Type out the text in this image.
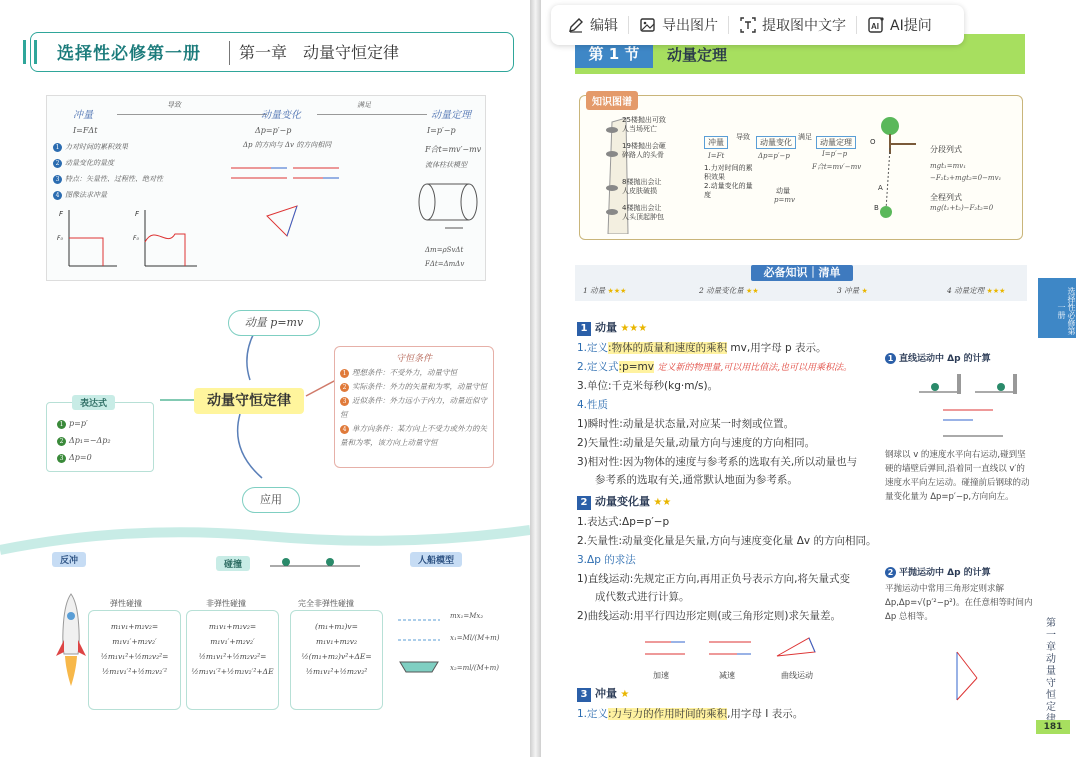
选择性必修第一册 第一章　动量守恒定律
冲量
I=FΔt
导致
动量变化
Δp=p′−p
Δp 的方向与 Δv 的方向相同
满足
动量定理
I=p′−p
F合t=mv′−mv
流体柱状模型
1 力对时间的累积效果
2 动量变化的量度
3 特点：矢量性、过程性、绝对性
4 图像法求冲量
F
F₀
F
F₀
Δm=ρSvΔt
FΔt=ΔmΔv
动量 p=mv
动量守恒定律
1 p=p′
2 Δp₁=−Δp₂
3 Δp=0
表达式
守恒条件
1 理想条件：不受外力，动量守恒
2 实际条件：外力的矢量和为零，动量守恒
3 近似条件：外力远小于内力，动量近似守恒
4 单方向条件：某方向上不受力或外力的矢量和为零，该方向上动量守恒
应用
反冲	碰撞	人船模型
弹性碰撞
m₁v₁+m₂v₂=
m₁v₁′+m₂v₂′
½m₁v₁²+½m₂v₂²=
½m₁v₁′²+½m₂v₂′²
非弹性碰撞
m₁v₁+m₂v₂=
m₁v₁′+m₂v₂′
½m₁v₁²+½m₂v₂²=
½m₁v₁′²+½m₂v₂′²+ΔE
完全非弹性碰撞
(m₁+m₂)v=
m₁v₁+m₂v₂
½(m₁+m₂)v²+ΔE=
½m₁v₁²+½m₂v₂²
mx₁=Mx₂
x₁=Ml/(M+m)
x₂=ml/(M+m)
第 1 节	动量定理
知识图谱
25楼抛出可致人当场死亡
19楼抛出会砸碎路人的头骨
8楼抛出会让人皮肤破损
4楼抛出会让人头顶起肿包
冲量
I=Ft
导致
动量变化
Δp=p′−p
满足
动量定理
I=p′−p
F合t=mv′−mv
1.力对时间的累积效果
2.动量变化的量度	动量
p=mv
O
A
B
分段列式
mgt₁=mv₁
−F₂t₂+mgt₂=0−mv₁
全程列式
mg(t₁+t₂)−F₂t₂=0
必备知识｜清单
1 动量 ★★★	2 动量变化量 ★★	3 冲量 ★	4 动量定理 ★★★
1 动量 ★★★
1.定义:物体的质量和速度的乘积 mv,用字母 p 表示。
2.定义式:p=mv 定义新的物理量,可以用比值法,也可以用乘积法。
3.单位:千克米每秒(kg·m/s)。
4.性质
1)瞬时性:动量是状态量,对应某一时刻或位置。
2)矢量性:动量是矢量,动量方向与速度的方向相同。
3)相对性:因为物体的速度与参考系的选取有关,所以动量也与
参考系的选取有关,通常默认地面为参考系。
2 动量变化量 ★★
1.表达式:Δp=p′−p
2.矢量性:动量变化量是矢量,方向与速度变化量 Δv 的方向相同。
3.Δp 的求法
1)直线运动:先规定正方向,再用正负号表示方向,将矢量式变
成代数式进行计算。
2)曲线运动:用平行四边形定则(或三角形定则)求矢量差。
加速	减速	曲线运动
3 冲量 ★
1.定义:力与力的作用时间的乘积,用字母 I 表示。
1 直线运动中 Δp 的计算
钢球以 v 的速度水平向右运动,碰到坚硬的墙壁后弹回,沿着同一直线以 v′的速度水平向左运动。碰撞前后钢球的动量变化量为 Δp=p′−p,方向向左。
2 平抛运动中 Δp 的计算
平抛运动中常用三角形定则求解 Δp,Δp=√(p′²−p²)。在任意相等时间内 Δp 总相等。
选择性必修第一册
第一章　动量守恒定
181
编辑	导出图片	提取图中文字	AI AI提问
